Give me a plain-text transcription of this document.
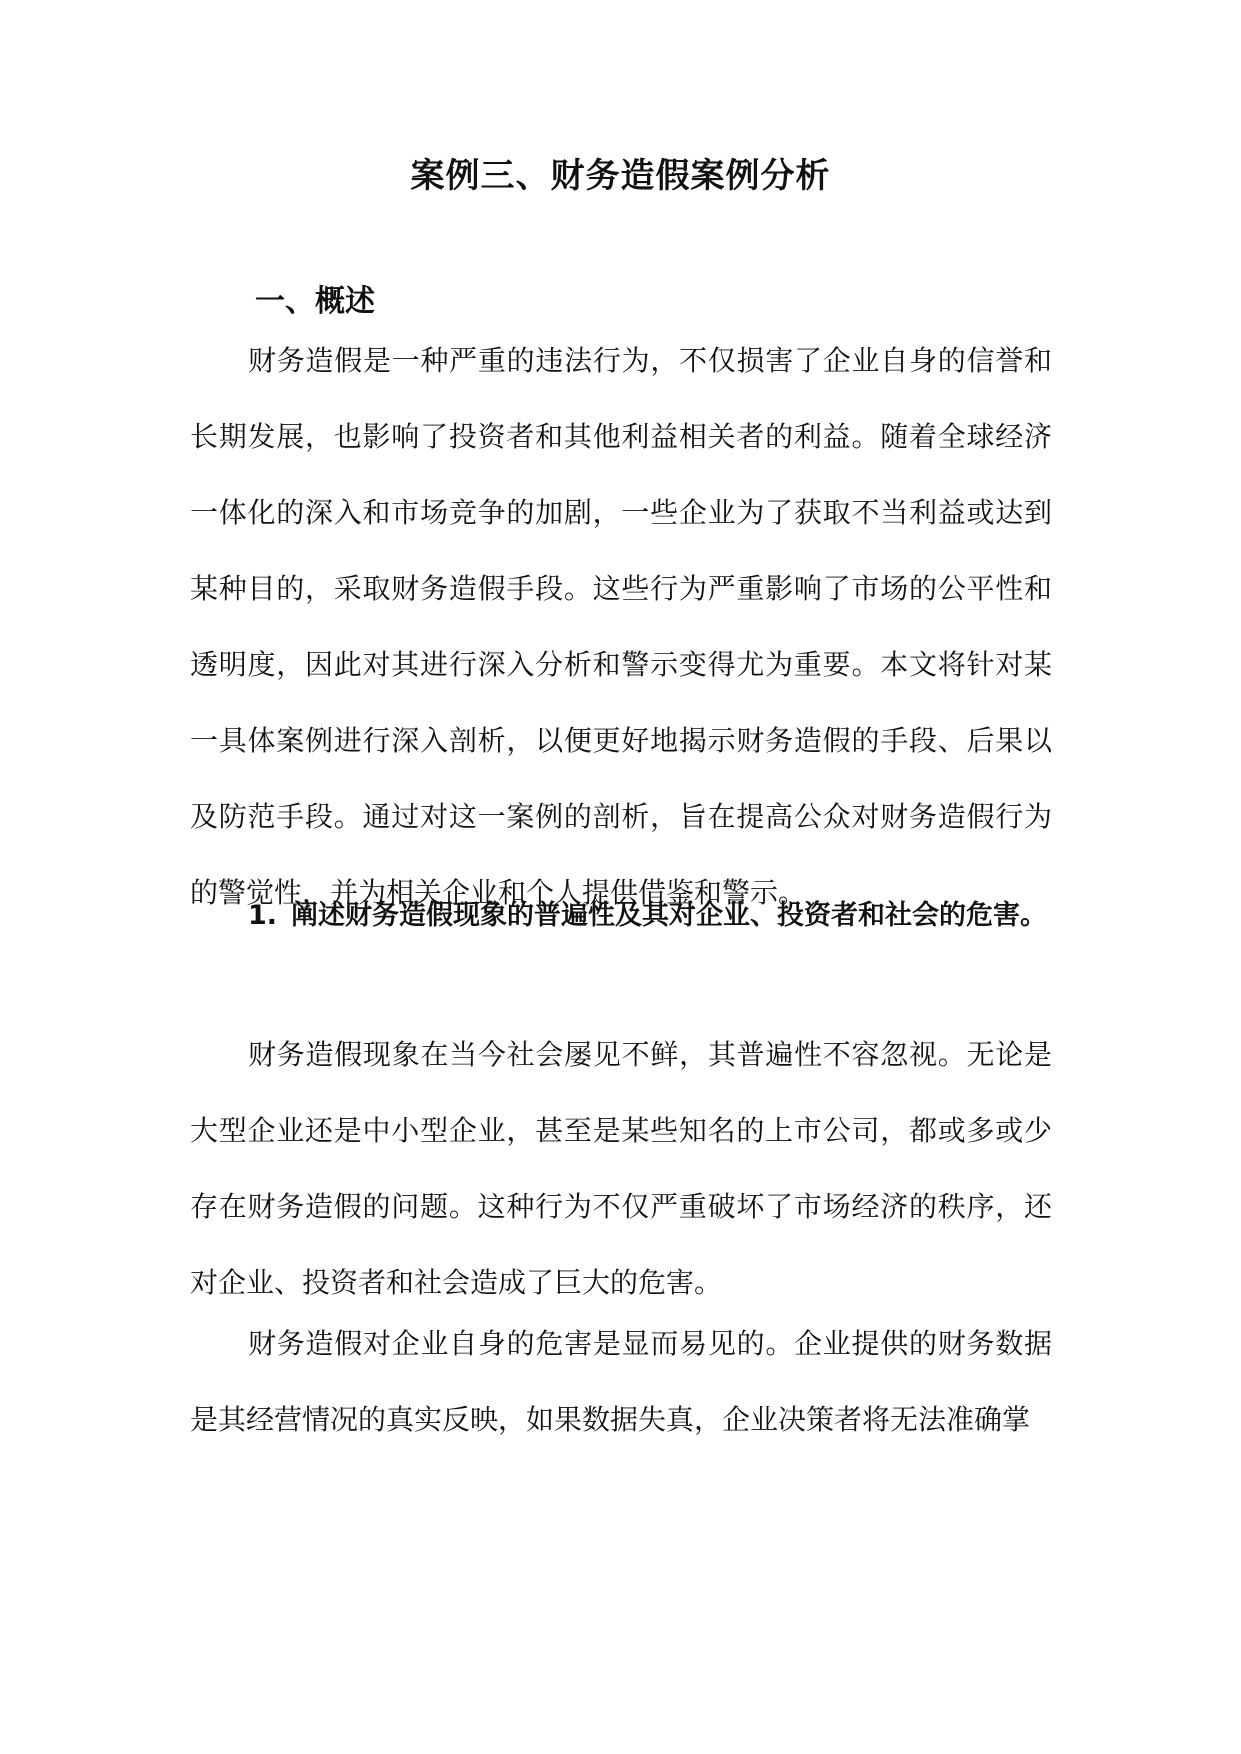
案例三、财务造假案例分析
一、概述

财务造假是一种严重的违法行为，不仅损害了企业自身的信誉和长期发展，也影响了投资者和其他利益相关者的利益。随着全球经济一体化的深入和市场竞争的加剧，一些企业为了获取不当利益或达到某种目的，采取财务造假手段。这些行为严重影响了市场的公平性和透明度，因此对其进行深入分析和警示变得尤为重要。本文将针对某一具体案例进行深入剖析，以便更好地揭示财务造假的手段、后果以及防范手段。通过对这一案例的剖析，旨在提高公众对财务造假行为的警觉性，并为相关企业和个人提供借鉴和警示。

1. 阐述财务造假现象的普遍性及其对企业、投资者和社会的危害。

财务造假现象在当今社会屡见不鲜，其普遍性不容忽视。无论是大型企业还是中小型企业，甚至是某些知名的上市公司，都或多或少存在财务造假的问题。这种行为不仅严重破坏了市场经济的秩序，还对企业、投资者和社会造成了巨大的危害。

财务造假对企业自身的危害是显而易见的。企业提供的财务数据是其经营情况的真实反映，如果数据失真，企业决策者将无法准确掌
